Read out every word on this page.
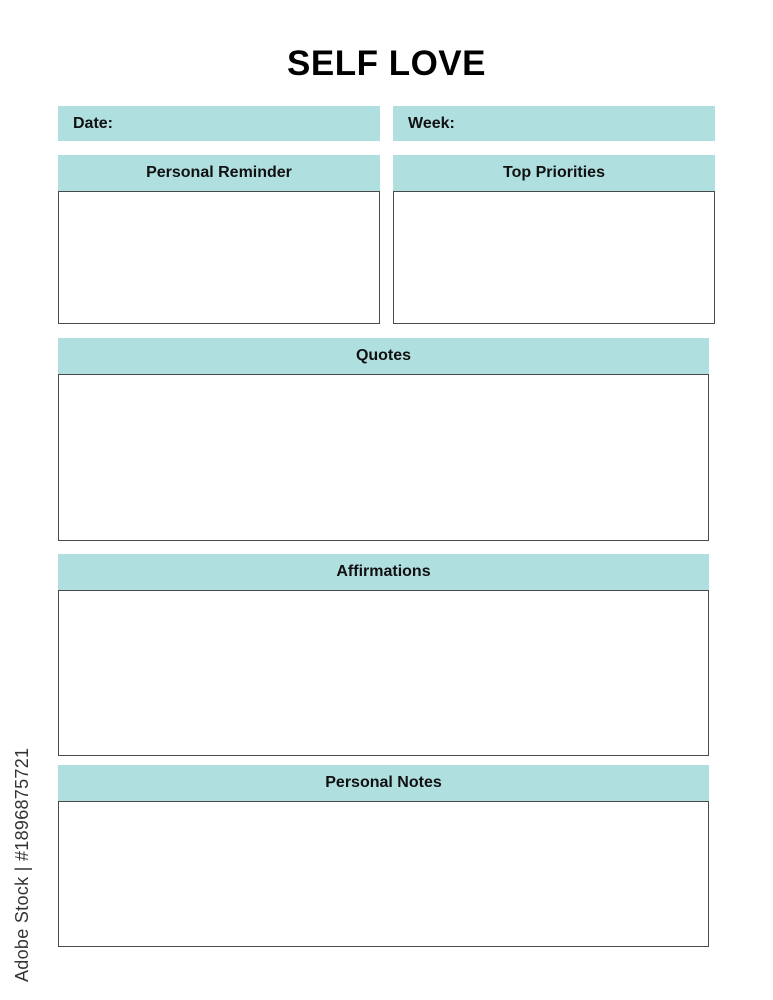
SELF LOVE
Date:	Week:
Personal Reminder	Top Priorities
Quotes
Affirmations
Personal Notes
Adobe Stock | #1896875721
